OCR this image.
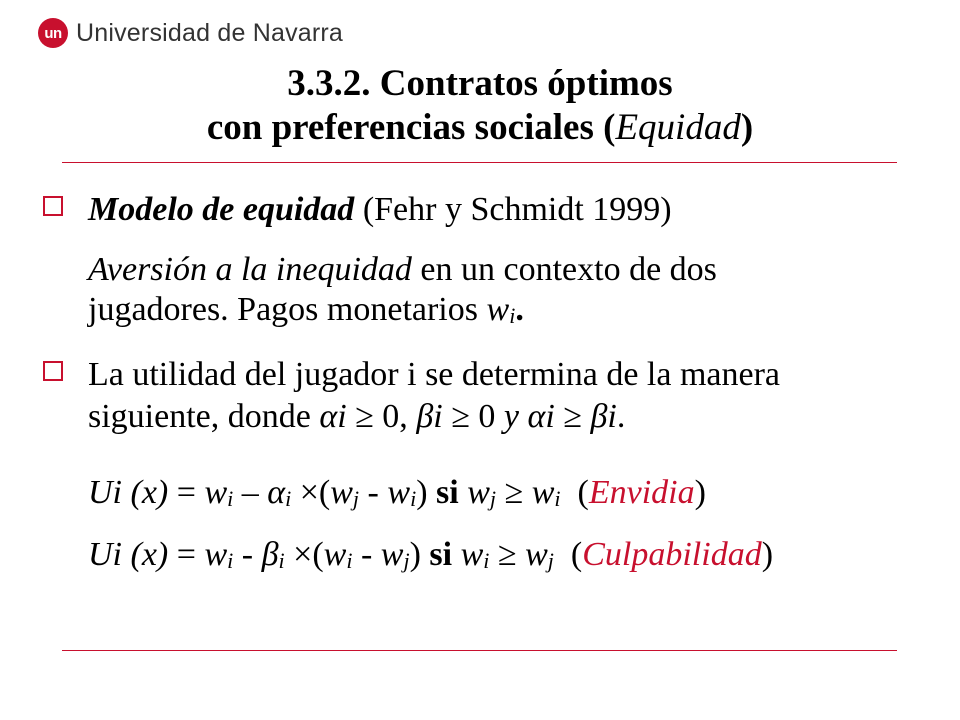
un Universidad de Navarra
3.3.2. Contratos óptimos
con preferencias sociales (Equidad)
Modelo de equidad (Fehr y Schmidt 1999)
Aversión a la inequidad en un contexto de dos
jugadores. Pagos monetarios $w_i$.
La utilidad del jugador i se determina de la manera
siguiente, donde αi ≥ 0, βi ≥ 0 y αi ≥ βi.
Ui $(x) = w_i - \alpha_i \times(w_j - w_i)$ si $w_j \ge w_i$ (Envidia)
Ui $(x) = w_i - \beta_i \times(w_i - w_j)$ si $w_i \ge w_j$ (Culpabilidad)
